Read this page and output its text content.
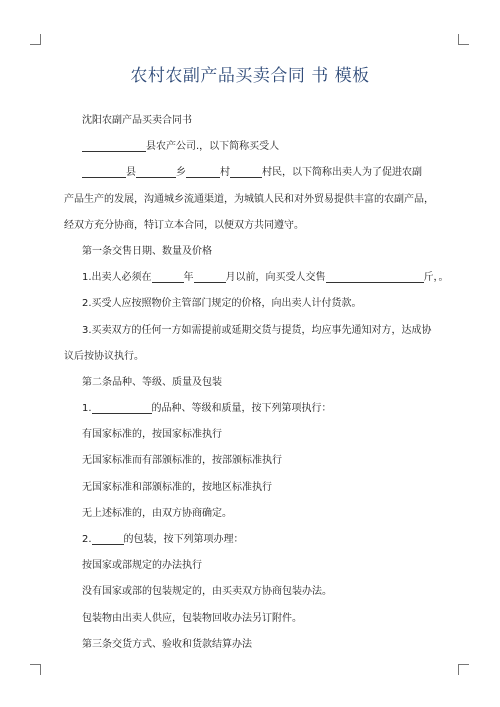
农村农副产品买卖合同 书 模板
沈阳农副产品买卖合同书
县农产公司.，以下简称买受人
县	乡	村	村民，以下简称出卖人为了促进农副
产品生产的发展，沟通城乡流通渠道，为城镇人民和对外贸易提供丰富的农副产品，
经双方充分协商，特订立本合同，以便双方共同遵守。
第一条交售日期、数量及价格
1.出卖人必须在	年	月以前，向买受人交售	斤，。
2.买受人应按照物价主管部门规定的价格，向出卖人计付货款。
3.买卖双方的任何一方如需提前或延期交货与提货，均应事先通知对方，达成协
议后按协议执行。
第二条品种、等级、质量及包装
1.	的品种、等级和质量，按下列第项执行：
有国家标准的，按国家标准执行
无国家标准而有部颁标准的，按部颁标准执行
无国家标准和部颁标准的，按地区标准执行
无上述标准的，由双方协商确定。
2.	的包装，按下列第项办理：
按国家或部规定的办法执行
没有国家或部的包装规定的，由买卖双方协商包装办法。
包装物由出卖人供应，包装物回收办法另订附件。
第三条交货方式、验收和货款结算办法
